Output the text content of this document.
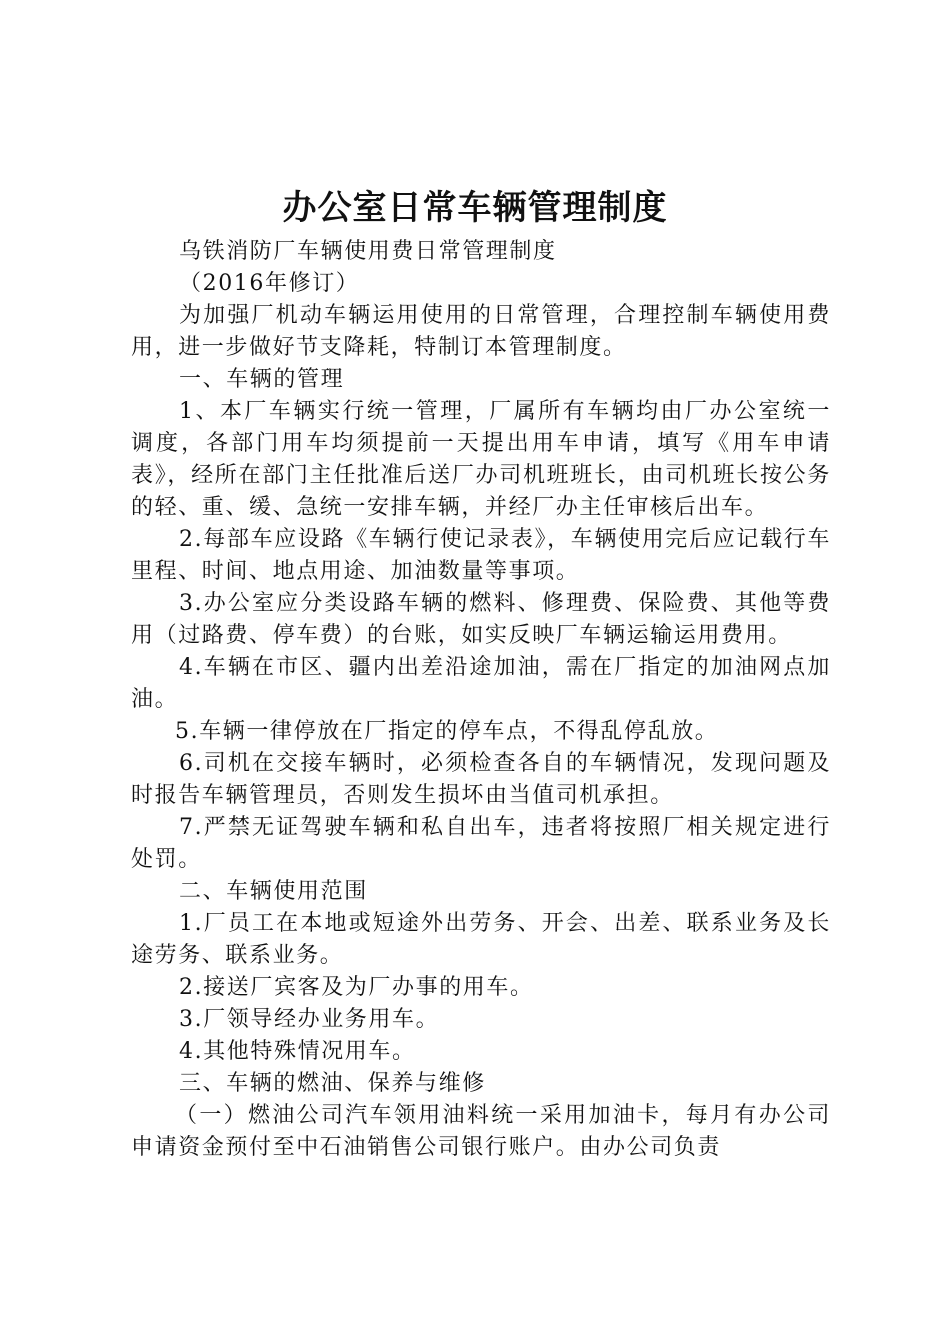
办公室日常车辆管理制度

乌铁消防厂车辆使用费日常管理制度

（2016年修订）

为加强厂机动车辆运用使用的日常管理，合理控制车辆使用费用，进一步做好节支降耗，特制订本管理制度。

一、车辆的管理

1、本厂车辆实行统一管理，厂属所有车辆均由厂办公室统一调度，各部门用车均须提前一天提出用车申请，填写《用车申请表》，经所在部门主任批准后送厂办司机班班长，由司机班长按公务的轻、重、缓、急统一安排车辆，并经厂办主任审核后出车。

2.每部车应设路《车辆行使记录表》，车辆使用完后应记载行车里程、时间、地点用途、加油数量等事项。

3.办公室应分类设路车辆的燃料、修理费、保险费、其他等费用（过路费、停车费）的台账，如实反映厂车辆运输运用费用。

4.车辆在市区、疆内出差沿途加油，需在厂指定的加油网点加油。

5.车辆一律停放在厂指定的停车点，不得乱停乱放。

6.司机在交接车辆时，必须检查各自的车辆情况，发现问题及时报告车辆管理员，否则发生损坏由当值司机承担。

7.严禁无证驾驶车辆和私自出车，违者将按照厂相关规定进行处罚。

二、车辆使用范围

1.厂员工在本地或短途外出劳务、开会、出差、联系业务及长途劳务、联系业务。

2.接送厂宾客及为厂办事的用车。

3.厂领导经办业务用车。

4.其他特殊情况用车。

三、车辆的燃油、保养与维修

（一）燃油公司汽车领用油料统一采用加油卡，每月有办公司申请资金预付至中石油销售公司银行账户。由办公司负责
